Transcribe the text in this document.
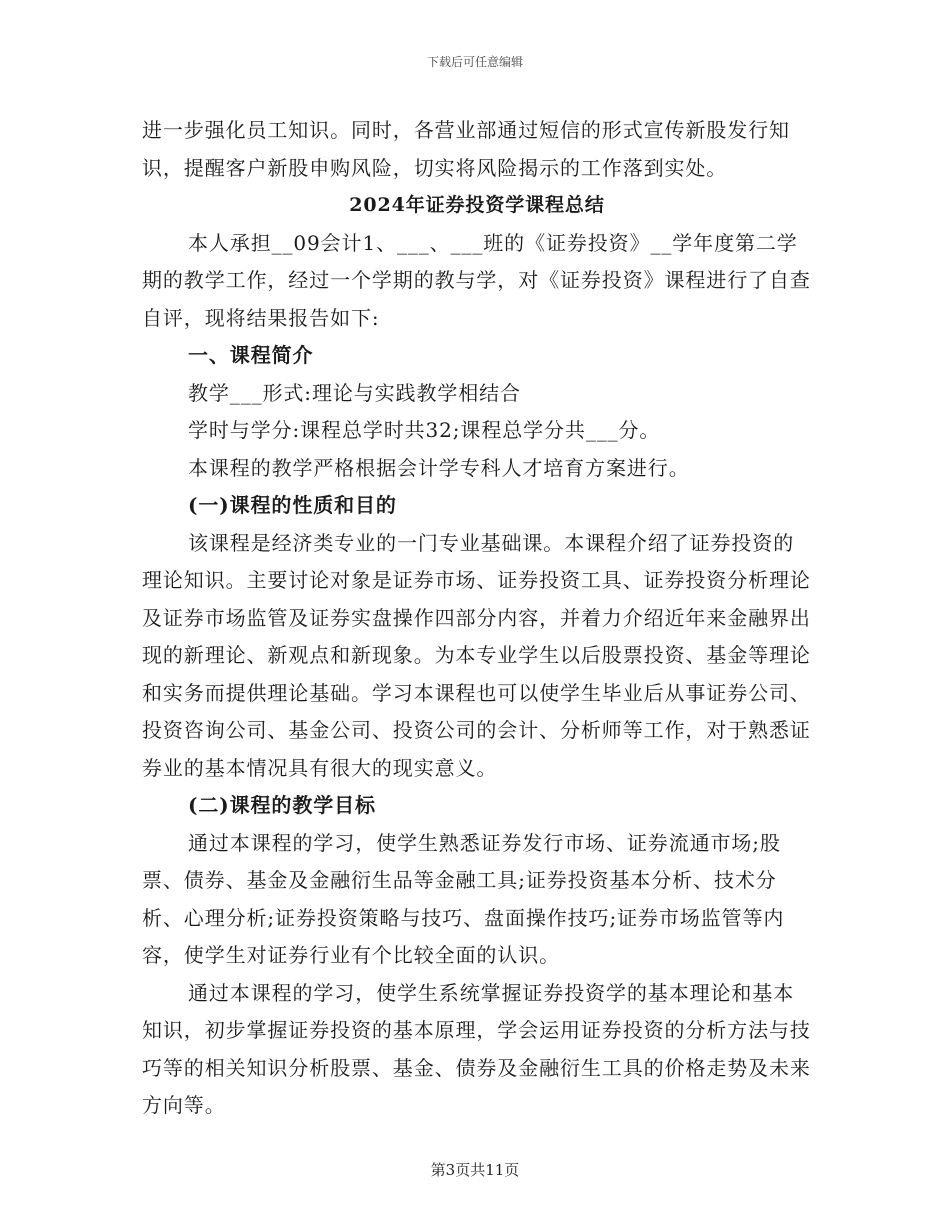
下载后可任意编辑

进一步强化员工知识。同时，各营业部通过短信的形式宣传新股发行知识，提醒客户新股申购风险，切实将风险揭示的工作落到实处。

2024年证券投资学课程总结

本人承担__09会计1、___、___班的《证券投资》__学年度第二学期的教学工作，经过一个学期的教与学，对《证券投资》课程进行了自查自评，现将结果报告如下:

一、课程简介

教学___形式:理论与实践教学相结合

学时与学分:课程总学时共32;课程总学分共___分。

本课程的教学严格根据会计学专科人才培育方案进行。

(一)课程的性质和目的

该课程是经济类专业的一门专业基础课。本课程介绍了证券投资的理论知识。主要讨论对象是证券市场、证券投资工具、证券投资分析理论及证券市场监管及证券实盘操作四部分内容，并着力介绍近年来金融界出现的新理论、新观点和新现象。为本专业学生以后股票投资、基金等理论和实务而提供理论基础。学习本课程也可以使学生毕业后从事证券公司、投资咨询公司、基金公司、投资公司的会计、分析师等工作，对于熟悉证券业的基本情况具有很大的现实意义。

(二)课程的教学目标

通过本课程的学习，使学生熟悉证券发行市场、证券流通市场;股票、债券、基金及金融衍生品等金融工具;证券投资基本分析、技术分析、心理分析;证券投资策略与技巧、盘面操作技巧;证券市场监管等内容，使学生对证券行业有个比较全面的认识。

通过本课程的学习，使学生系统掌握证券投资学的基本理论和基本知识，初步掌握证券投资的基本原理，学会运用证券投资的分析方法与技巧等的相关知识分析股票、基金、债券及金融衍生工具的价格走势及未来方向等。

第3页共11页
